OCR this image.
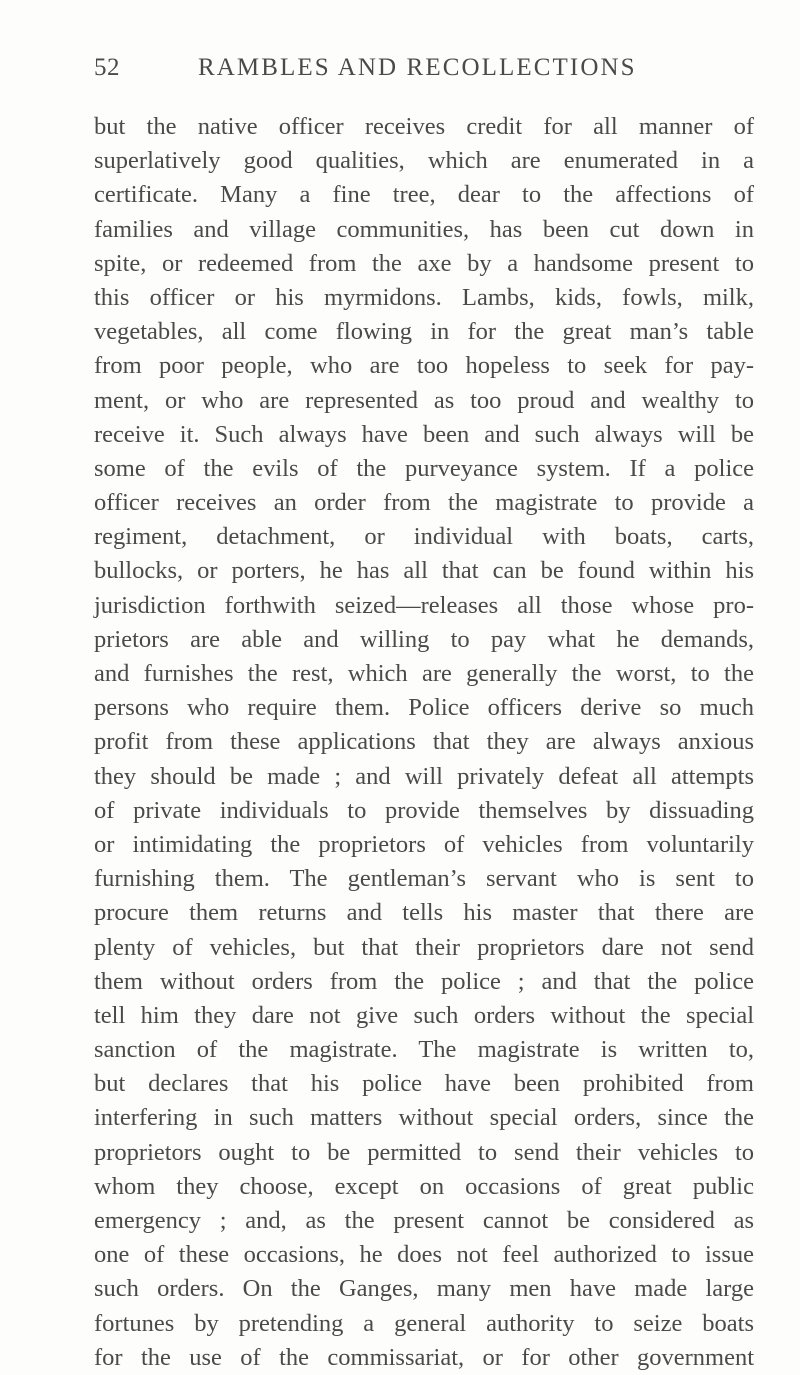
52	RAMBLES AND RECOLLECTIONS
but the native officer receives credit for all manner of
superlatively good qualities, which are enumerated in a
certificate. Many a fine tree, dear to the affections of
families and village communities, has been cut down in
spite, or redeemed from the axe by a handsome present to
this officer or his myrmidons. Lambs, kids, fowls, milk,
vegetables, all come flowing in for the great man’s table
from poor people, who are too hopeless to seek for pay-
ment, or who are represented as too proud and wealthy to
receive it. Such always have been and such always will be
some of the evils of the purveyance system. If a police
officer receives an order from the magistrate to provide a
regiment, detachment, or individual with boats, carts,
bullocks, or porters, he has all that can be found within his
jurisdiction forthwith seized—releases all those whose pro-
prietors are able and willing to pay what he demands,
and furnishes the rest, which are generally the worst, to the
persons who require them. Police officers derive so much
profit from these applications that they are always anxious
they should be made ; and will privately defeat all attempts
of private individuals to provide themselves by dissuading
or intimidating the proprietors of vehicles from voluntarily
furnishing them. The gentleman’s servant who is sent to
procure them returns and tells his master that there are
plenty of vehicles, but that their proprietors dare not send
them without orders from the police ; and that the police
tell him they dare not give such orders without the special
sanction of the magistrate. The magistrate is written to,
but declares that his police have been prohibited from
interfering in such matters without special orders, since the
proprietors ought to be permitted to send their vehicles to
whom they choose, except on occasions of great public
emergency ; and, as the present cannot be considered as
one of these occasions, he does not feel authorized to issue
such orders. On the Ganges, many men have made large
fortunes by pretending a general authority to seize boats
for the use of the commissariat, or for other government
